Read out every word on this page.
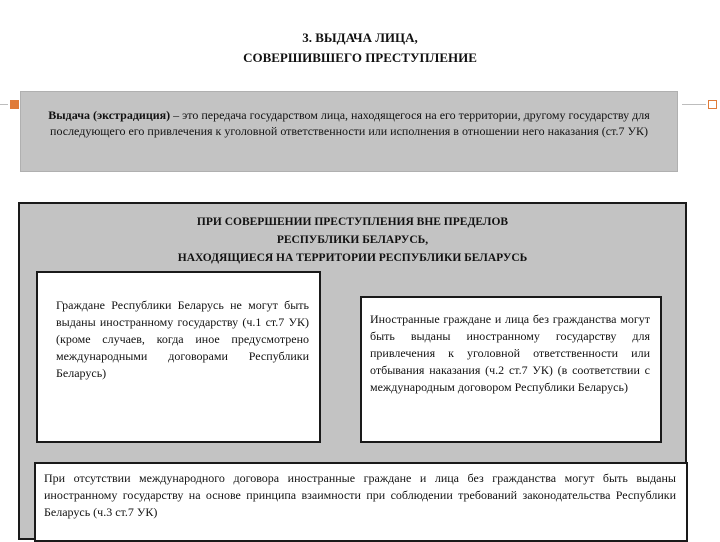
3. ВЫДАЧА ЛИЦА,
СОВЕРШИВШЕГО ПРЕСТУПЛЕНИЕ
Выдача (экстрадиция) – это передача государством лица, находящегося на его территории, другому государству для последующего его привлечения к уголовной ответственности или исполнения в отношении него наказания (ст.7 УК)
ПРИ СОВЕРШЕНИИ ПРЕСТУПЛЕНИЯ ВНЕ ПРЕДЕЛОВ
РЕСПУБЛИКИ БЕЛАРУСЬ,
НАХОДЯЩИЕСЯ НА ТЕРРИТОРИИ РЕСПУБЛИКИ БЕЛАРУСЬ
Граждане Республики Беларусь не могут быть выданы иностранному государству (ч.1 ст.7 УК) (кроме случаев, когда иное предусмотрено международными договорами Республики Беларусь)
Иностранные граждане и лица без гражданства могут быть выданы иностранному государству для привлечения к уголовной ответственности или отбывания наказания (ч.2 ст.7 УК) (в соответствии с международным договором Республики Беларусь)
При отсутствии международного договора иностранные граждане и лица без гражданства могут быть выданы иностранному государству на основе принципа взаимности при соблюдении требований законодательства Республики Беларусь (ч.3 ст.7 УК)
